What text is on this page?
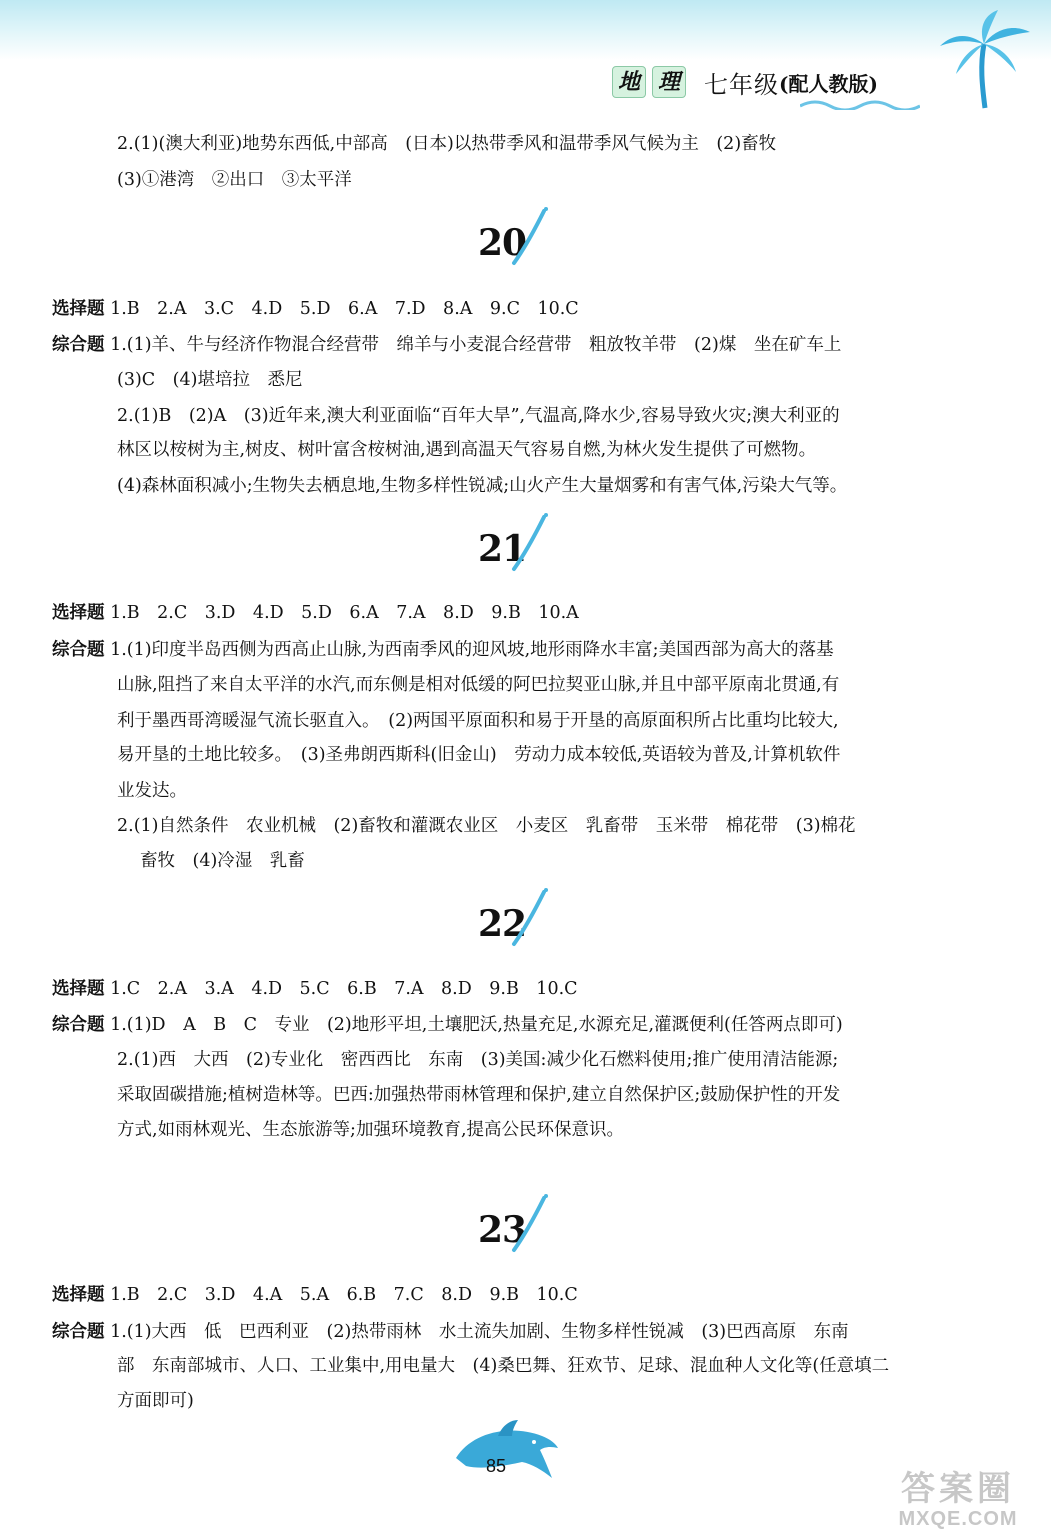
地 理 七年级 (配人教版)
2.(1)(澳大利亚)地势东西低,中部高　(日本)以热带季风和温带季风气候为主　(2)畜牧
(3)①港湾　②出口　③太平洋
选择题 1.B　2.A　3.C　4.D　5.D　6.A　7.D　8.A　9.C　10.C
综合题 1.(1)羊、牛与经济作物混合经营带　绵羊与小麦混合经营带　粗放牧羊带　(2)煤　坐在矿车上
(3)C　(4)堪培拉　悉尼
2.(1)B　(2)A　(3)近年来,澳大利亚面临“百年大旱”,气温高,降水少,容易导致火灾;澳大利亚的
林区以桉树为主,树皮、树叶富含桉树油,遇到高温天气容易自燃,为林火发生提供了可燃物。
(4)森林面积减小;生物失去栖息地,生物多样性锐减;山火产生大量烟雾和有害气体,污染大气等。
选择题 1.B　2.C　3.D　4.D　5.D　6.A　7.A　8.D　9.B　10.A
综合题 1.(1)印度半岛西侧为西高止山脉,为西南季风的迎风坡,地形雨降水丰富;美国西部为高大的落基
山脉,阻挡了来自太平洋的水汽,而东侧是相对低缓的阿巴拉契亚山脉,并且中部平原南北贯通,有
利于墨西哥湾暖湿气流长驱直入。　(2)两国平原面积和易于开垦的高原面积所占比重均比较大,
易开垦的土地比较多。　(3)圣弗朗西斯科(旧金山)　劳动力成本较低,英语较为普及,计算机软件
业发达。
2.(1)自然条件　农业机械　(2)畜牧和灌溉农业区　小麦区　乳畜带　玉米带　棉花带　(3)棉花
畜牧　(4)冷湿　乳畜
选择题 1.C　2.A　3.A　4.D　5.C　6.B　7.A　8.D　9.B　10.C
综合题 1.(1)D　A　B　C　专业　(2)地形平坦,土壤肥沃,热量充足,水源充足,灌溉便利(任答两点即可)
2.(1)西　大西　(2)专业化　密西西比　东南　(3)美国:减少化石燃料使用;推广使用清洁能源;
采取固碳措施;植树造林等。巴西:加强热带雨林管理和保护,建立自然保护区;鼓励保护性的开发
方式,如雨林观光、生态旅游等;加强环境教育,提高公民环保意识。
选择题 1.B　2.C　3.D　4.A　5.A　6.B　7.C　8.D　9.B　10.C
综合题 1.(1)大西　低　巴西利亚　(2)热带雨林　水土流失加剧、生物多样性锐减　(3)巴西高原　东南
部　东南部城市、人口、工业集中,用电量大　(4)桑巴舞、狂欢节、足球、混血种人文化等(任意填二
方面即可)
20
21
22
23
85
答案圈
MXQE.COM
